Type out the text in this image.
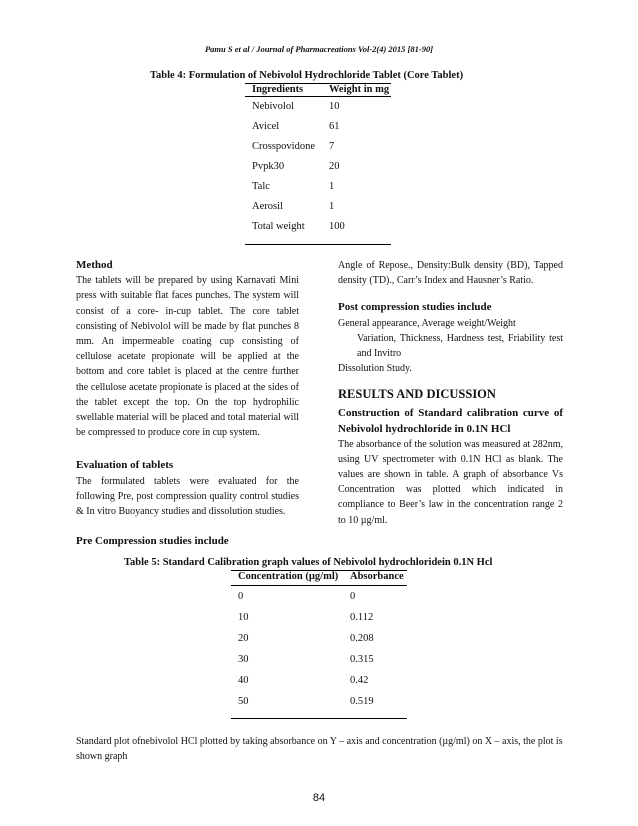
Pamu S et al / Journal of Pharmacreations Vol-2(4) 2015 [81-90]
Table 4: Formulation of Nebivolol Hydrochloride Tablet (Core Tablet)
Ingredients	Weight in mg
Nebivolol	10
Avicel	61
Crosspovidone	7
Pvpk30	20
Talc	1
Aerosil	1
Total weight	100

Method

The tablets will be prepared by using Karnavati Mini press with suitable flat faces punches. The system will consist of a core- in-cup tablet. The core tablet consisting of Nebivolol will be made by flat punches 8 mm. An impermeable coating cup consisting of cellulose acetate propionate will be applied at the bottom and core tablet is placed at the centre further the cellulose acetate propionate is placed at the sides of the tablet except the top. On the top hydrophilic swellable material will be placed and total material will be compressed to produce core in cup system.

Evaluation of tablets

The formulated tablets were evaluated for the following Pre, post compression quality control studies & In vitro Buoyancy studies and dissolution studies.

Pre Compression studies include

Angle of Repose., Density:Bulk density (BD), Tapped density (TD)., Carr’s Index and Hausner’s Ratio.

Post compression studies include

General appearance, Average weight/Weight

Variation, Thickness, Hardness test, Friability test and Invitro

Dissolution Study.

RESULTS AND DICUSSION

Construction of Standard calibration curve of Nebivolol hydrochloride in 0.1N HCl

The absorbance of the solution was measured at 282nm, using UV spectrometer with 0.1N HCl as blank. The values are shown in table. A graph of absorbance Vs Concentration was plotted which indicated in compliance to Beer’s law in the concentration range 2 to 10 µg/ml.

Table 5: Standard Calibration graph values of Nebivolol hydrochloridein 0.1N Hcl
Concentration (µg/ml)	Absorbance
0	0
10	0.112
20	0.208
30	0.315
40	0.42
50	0.519
Standard plot ofnebivolol HCl plotted by taking absorbance on Y – axis and concentration (µg/ml) on X – axis, the plot is shown graph
84
